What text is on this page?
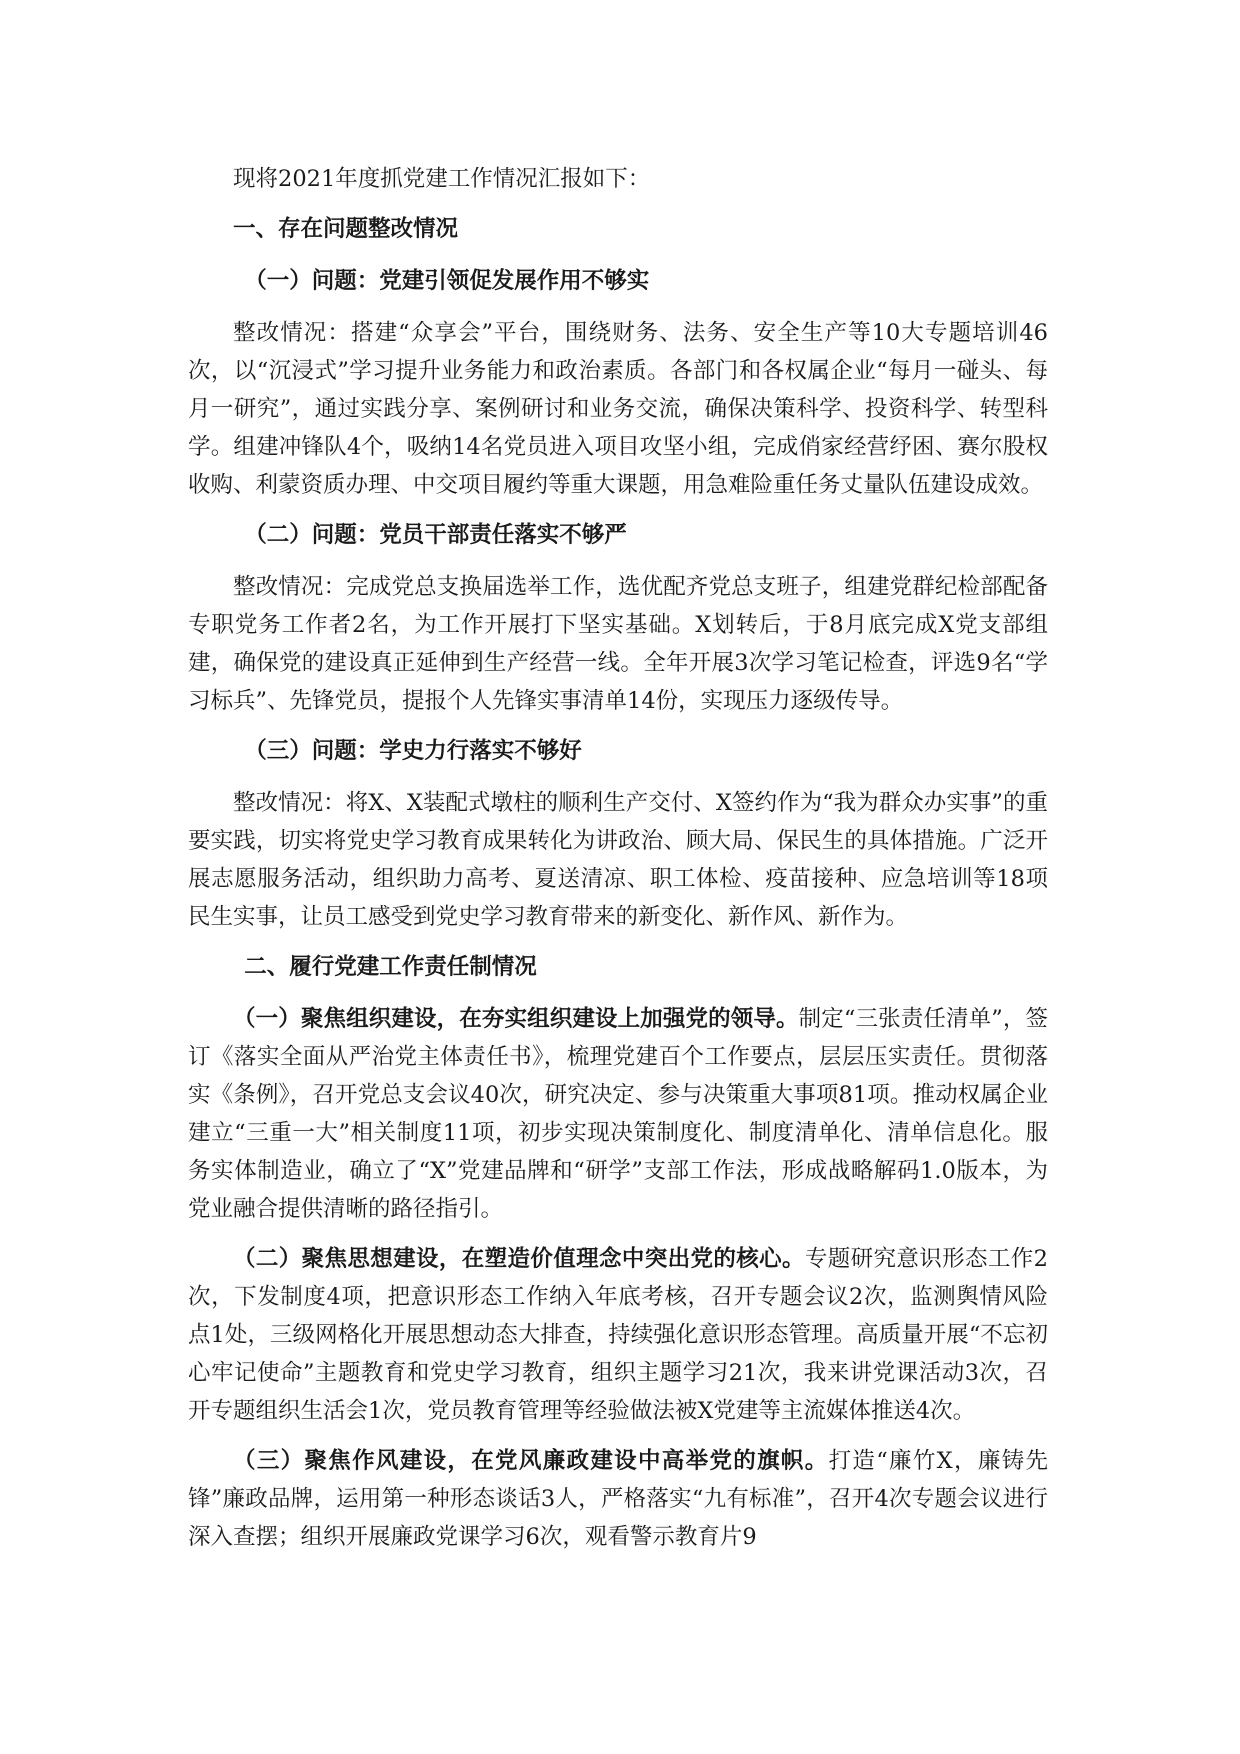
现将2021年度抓党建工作情况汇报如下：

一、存在问题整改情况

（一）问题：党建引领促发展作用不够实

整改情况：搭建“众享会”平台，围绕财务、法务、安全生产等10大专题培训46次，以“沉浸式”学习提升业务能力和政治素质。各部门和各权属企业“每月一碰头、每月一研究”，通过实践分享、案例研讨和业务交流，确保决策科学、投资科学、转型科学。组建冲锋队4个，吸纳14名党员进入项目攻坚小组，完成俏家经营纾困、赛尔股权收购、利蒙资质办理、中交项目履约等重大课题，用急难险重任务丈量队伍建设成效。

（二）问题：党员干部责任落实不够严

整改情况：完成党总支换届选举工作，选优配齐党总支班子，组建党群纪检部配备专职党务工作者2名，为工作开展打下坚实基础。X划转后，于8月底完成X党支部组建，确保党的建设真正延伸到生产经营一线。全年开展3次学习笔记检查，评选9名“学习标兵”、先锋党员，提报个人先锋实事清单14份，实现压力逐级传导。

（三）问题：学史力行落实不够好

整改情况：将X、X装配式墩柱的顺利生产交付、X签约作为“我为群众办实事”的重要实践，切实将党史学习教育成果转化为讲政治、顾大局、保民生的具体措施。广泛开展志愿服务活动，组织助力高考、夏送清凉、职工体检、疫苗接种、应急培训等18项民生实事，让员工感受到党史学习教育带来的新变化、新作风、新作为。

二、履行党建工作责任制情况

（一）聚焦组织建设，在夯实组织建设上加强党的领导。制定“三张责任清单”，签订《落实全面从严治党主体责任书》，梳理党建百个工作要点，层层压实责任。贯彻落实《条例》，召开党总支会议40次，研究决定、参与决策重大事项81项。推动权属企业建立“三重一大”相关制度11项，初步实现决策制度化、制度清单化、清单信息化。服务实体制造业，确立了“X”党建品牌和“研学”支部工作法，形成战略解码1.0版本，为党业融合提供清晰的路径指引。

（二）聚焦思想建设，在塑造价值理念中突出党的核心。专题研究意识形态工作2次，下发制度4项，把意识形态工作纳入年底考核，召开专题会议2次，监测舆情风险点1处，三级网格化开展思想动态大排查，持续强化意识形态管理。高质量开展“不忘初心牢记使命”主题教育和党史学习教育，组织主题学习21次，我来讲党课活动3次，召开专题组织生活会1次，党员教育管理等经验做法被X党建等主流媒体推送4次。

（三）聚焦作风建设，在党风廉政建设中高举党的旗帜。打造“廉竹X，廉铸先锋”廉政品牌，运用第一种形态谈话3人，严格落实“九有标准”，召开4次专题会议进行深入查摆；组织开展廉政党课学习6次，观看警示教育片9
